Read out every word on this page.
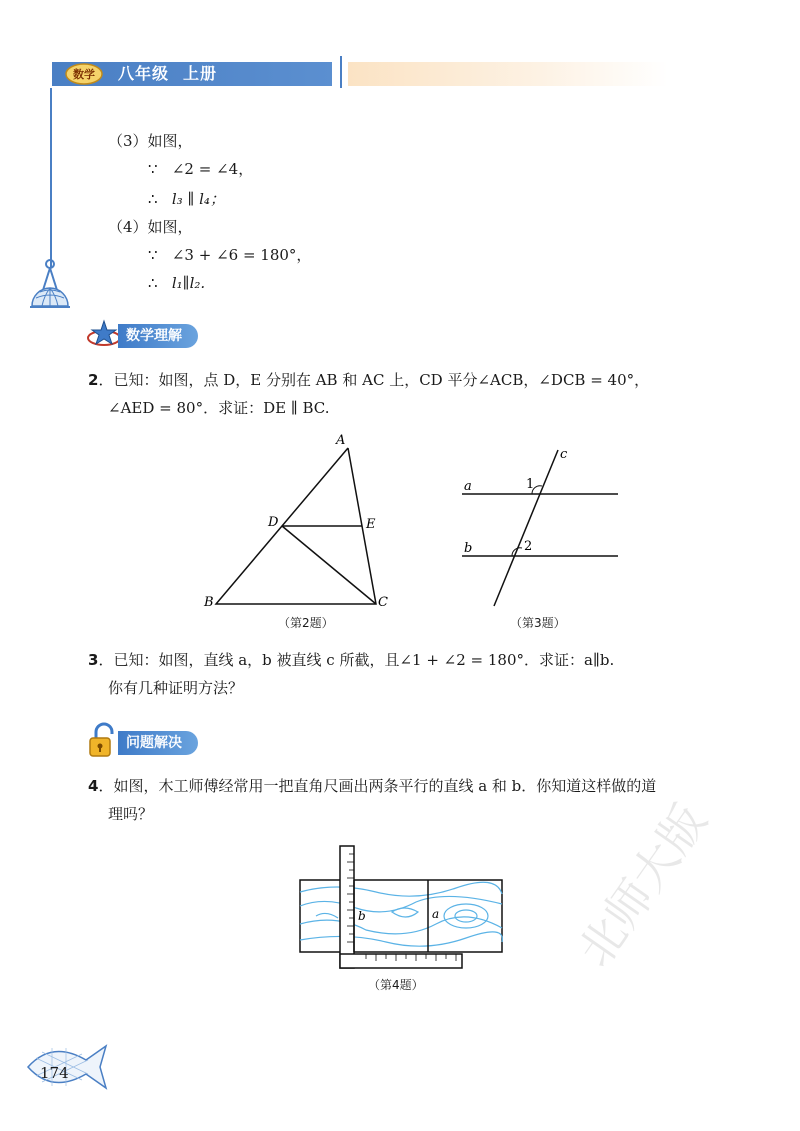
数学 八年级 上册
（3）如图，
∵ ∠2 = ∠4，
∴ l₃ ∥ l₄；
（4）如图，
∵ ∠3 + ∠6 = 180°，
∴ l₁∥l₂.
数学理解
2．已知：如图，点 D，E 分别在 AB 和 AC 上，CD 平分∠ACB，∠DCB = 40°，
∠AED = 80°．求证：DE ∥ BC.
A
B	C
D	E
（第2题）
a
b
c
1
2
（第3题）
3．已知：如图，直线 a，b 被直线 c 所截，且∠1 + ∠2 = 180°．求证：a∥b.
你有几种证明方法？
问题解决
4．如图，木工师傅经常用一把直角尺画出两条平行的直线 a 和 b．你知道这样做的道
理吗？
b	a
（第4题）
174
北师大版
